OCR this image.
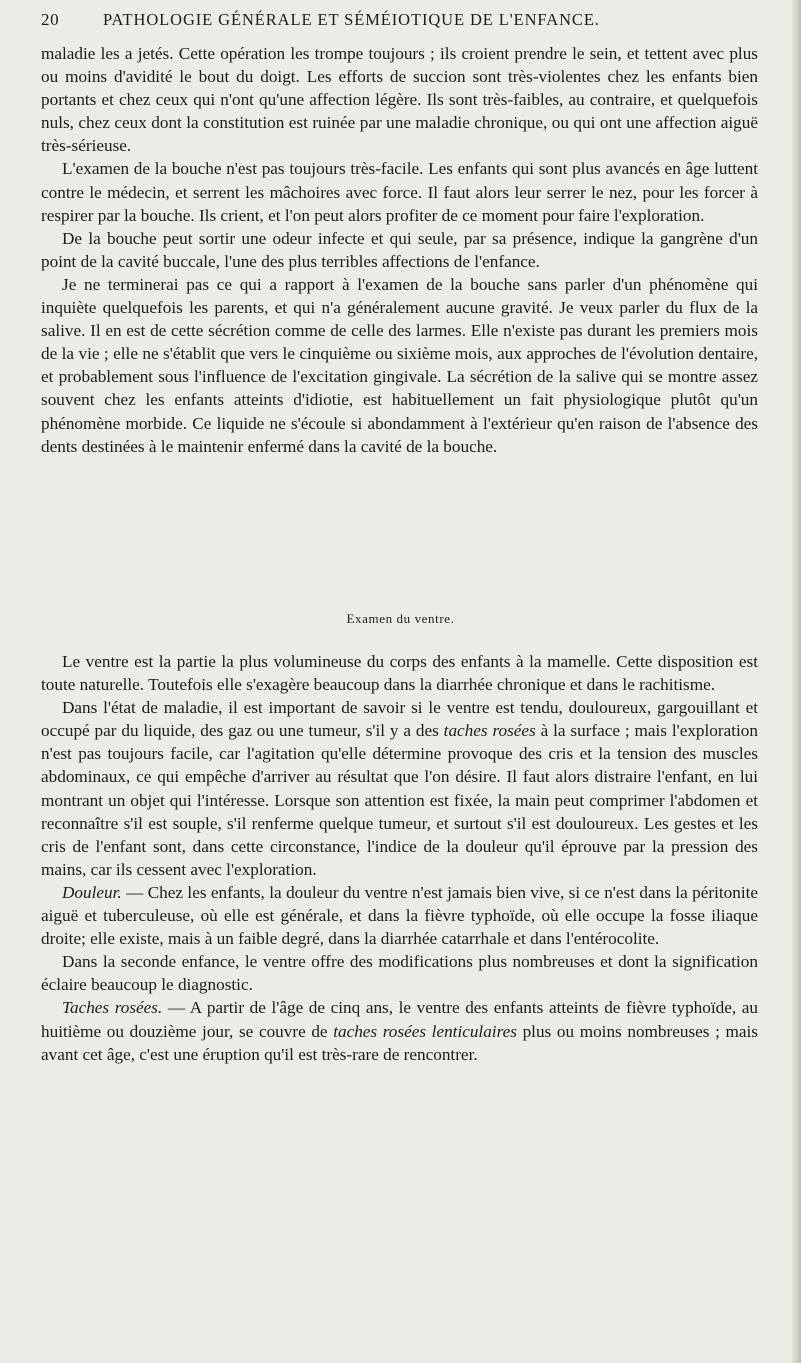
20	PATHOLOGIE GÉNÉRALE ET SÉMÉIOTIQUE DE L'ENFANCE.

maladie les a jetés. Cette opération les trompe toujours ; ils croient prendre le sein, et tettent avec plus ou moins d'avidité le bout du doigt. Les efforts de succion sont très-violentes chez les enfants bien portants et chez ceux qui n'ont qu'une affection légère. Ils sont très-faibles, au contraire, et quelquefois nuls, chez ceux dont la constitution est ruinée par une maladie chronique, ou qui ont une affection aiguë très-sérieuse.

L'examen de la bouche n'est pas toujours très-facile. Les enfants qui sont plus avancés en âge luttent contre le médecin, et serrent les mâchoires avec force. Il faut alors leur serrer le nez, pour les forcer à respirer par la bouche. Ils crient, et l'on peut alors profiter de ce moment pour faire l'exploration.

De la bouche peut sortir une odeur infecte et qui seule, par sa présence, indique la gangrène d'un point de la cavité buccale, l'une des plus terribles affections de l'enfance.

Je ne terminerai pas ce qui a rapport à l'examen de la bouche sans parler d'un phénomène qui inquiète quelquefois les parents, et qui n'a généralement aucune gravité. Je veux parler du flux de la salive. Il en est de cette sécrétion comme de celle des larmes. Elle n'existe pas durant les premiers mois de la vie ; elle ne s'établit que vers le cinquième ou sixième mois, aux approches de l'évolution dentaire, et probablement sous l'influence de l'excitation gingivale. La sécrétion de la salive qui se montre assez souvent chez les enfants atteints d'idiotie, est habituellement un fait physiologique plutôt qu'un phénomène morbide. Ce liquide ne s'écoule si abondamment à l'extérieur qu'en raison de l'absence des dents destinées à le maintenir enfermé dans la cavité de la bouche.

Examen du ventre.

Le ventre est la partie la plus volumineuse du corps des enfants à la mamelle. Cette disposition est toute naturelle. Toutefois elle s'exagère beaucoup dans la diarrhée chronique et dans le rachitisme.

Dans l'état de maladie, il est important de savoir si le ventre est tendu, douloureux, gargouillant et occupé par du liquide, des gaz ou une tumeur, s'il y a des taches rosées à la surface ; mais l'exploration n'est pas toujours facile, car l'agitation qu'elle détermine provoque des cris et la tension des muscles abdominaux, ce qui empêche d'arriver au résultat que l'on désire. Il faut alors distraire l'enfant, en lui montrant un objet qui l'intéresse. Lorsque son attention est fixée, la main peut comprimer l'abdomen et reconnaître s'il est souple, s'il renferme quelque tumeur, et surtout s'il est douloureux. Les gestes et les cris de l'enfant sont, dans cette circonstance, l'indice de la douleur qu'il éprouve par la pression des mains, car ils cessent avec l'exploration.

Douleur. — Chez les enfants, la douleur du ventre n'est jamais bien vive, si ce n'est dans la péritonite aiguë et tuberculeuse, où elle est générale, et dans la fièvre typhoïde, où elle occupe la fosse iliaque droite; elle existe, mais à un faible degré, dans la diarrhée catarrhale et dans l'entérocolite.

Dans la seconde enfance, le ventre offre des modifications plus nombreuses et dont la signification éclaire beaucoup le diagnostic.

Taches rosées. — A partir de l'âge de cinq ans, le ventre des enfants atteints de fièvre typhoïde, au huitième ou douzième jour, se couvre de taches rosées lenticulaires plus ou moins nombreuses ; mais avant cet âge, c'est une éruption qu'il est très-rare de rencontrer.
